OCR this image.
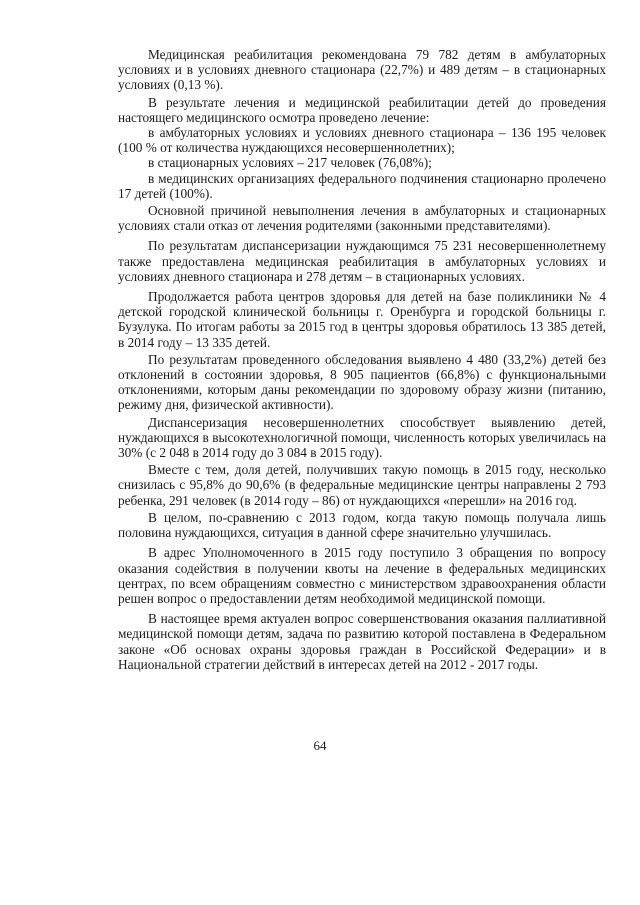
Медицинская реабилитация рекомендована 79 782 детям в амбулаторных условиях и в условиях дневного стационара (22,7%) и 489 детям – в стационарных условиях (0,13 %).

В результате лечения и медицинской реабилитации детей до проведения настоящего медицинского осмотра проведено лечение:

в амбулаторных условиях и условиях дневного стационара – 136 195 человек (100 % от количества нуждающихся несовершеннолетних);

в стационарных условиях – 217 человек (76,08%);

в медицинских организациях федерального подчинения стационарно пролечено 17 детей (100%).

Основной причиной невыполнения лечения в амбулаторных и стационарных условиях стали отказ от лечения родителями (законными представителями).

По результатам диспансеризации нуждающимся 75 231 несовершеннолетнему также предоставлена медицинская реабилитация в амбулаторных условиях и условиях дневного стационара и 278 детям – в стационарных условиях.

Продолжается работа центров здоровья для детей на базе поликлиники № 4 детской городской клинической больницы г. Оренбурга и городской больницы г. Бузулука. По итогам работы за 2015 год в центры здоровья обратилось 13 385 детей, в 2014 году – 13 335 детей.

По результатам проведенного обследования выявлено 4 480 (33,2%) детей без отклонений в состоянии здоровья, 8 905 пациентов (66,8%) с функциональными отклонениями, которым даны рекомендации по здоровому образу жизни (питанию, режиму дня, физической активности).

Диспансеризация несовершеннолетних способствует выявлению детей, нуждающихся в высокотехнологичной помощи, численность которых увеличилась на 30% (с 2 048 в 2014 году до 3 084 в 2015 году).

Вместе с тем, доля детей, получивших такую помощь в 2015 году, несколько снизилась с 95,8% до 90,6% (в федеральные медицинские центры направлены 2 793 ребенка, 291 человек (в 2014 году – 86) от нуждающихся «перешли» на 2016 год.

В целом, по-сравнению с 2013 годом, когда такую помощь получала лишь половина нуждающихся, ситуация в данной сфере значительно улучшилась.

В адрес Уполномоченного в 2015 году поступило 3 обращения по вопросу оказания содействия в получении квоты на лечение в федеральных медицинских центрах, по всем обращениям совместно с министерством здравоохранения области решен вопрос о предоставлении детям необходимой медицинской помощи.

В настоящее время актуален вопрос совершенствования оказания паллиативной медицинской помощи детям, задача по развитию которой поставлена в Федеральном законе «Об основах охраны здоровья граждан в Российской Федерации» и в Национальной стратегии действий в интересах детей на 2012 - 2017 годы.

64
